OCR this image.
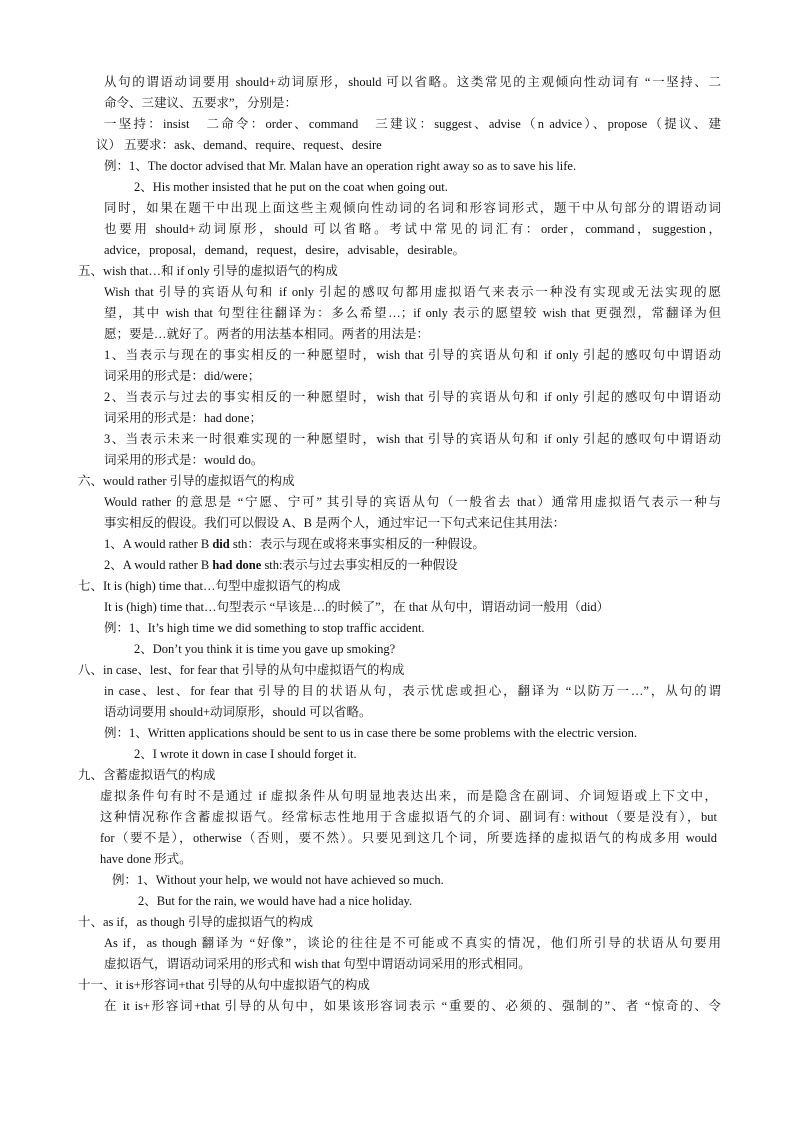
从句的谓语动词要用 should+动词原形，should 可以省略。这类常见的主观倾向性动词有 “一坚持、二
命令、三建议、五要求”，分别是：
一坚持：insist　二命令：order、command　三建议：suggest、advise（n advice）、propose（提议、建
议） 五要求：ask、demand、require、request、desire
例：1、The doctor advised that Mr. Malan have an operation right away so as to save his life.
2、His mother insisted that he put on the coat when going out.
同时，如果在题干中出现上面这些主观倾向性动词的名词和形容词形式，题干中从句部分的谓语动词
也要用 should+动词原形，should 可以省略。考试中常见的词汇有：order，command，suggestion，
advice，proposal，demand，request，desire，advisable，desirable。
五、wish that…和 if only 引导的虚拟语气的构成
Wish that 引导的宾语从句和 if only 引起的感叹句都用虚拟语气来表示一种没有实现或无法实现的愿
望，其中 wish that 句型往往翻译为：多么希望…；if only 表示的愿望较 wish that 更强烈，常翻译为但
愿；要是…就好了。两者的用法基本相同。两者的用法是：
1、当表示与现在的事实相反的一种愿望时，wish that 引导的宾语从句和 if only 引起的感叹句中谓语动
词采用的形式是：did/were；
2、当表示与过去的事实相反的一种愿望时，wish that 引导的宾语从句和 if only 引起的感叹句中谓语动
词采用的形式是：had done；
3、当表示未来一时很难实现的一种愿望时，wish that 引导的宾语从句和 if only 引起的感叹句中谓语动
词采用的形式是：would do。
六、would rather 引导的虚拟语气的构成
Would rather 的意思是 “宁愿、宁可” 其引导的宾语从句（一般省去 that）通常用虚拟语气表示一种与
事实相反的假设。我们可以假设 A、B 是两个人，通过牢记一下句式来记住其用法：
1、A would rather B did sth：表示与现在或将来事实相反的一种假设。
2、A would rather B had done sth:表示与过去事实相反的一种假设
七、It is (high) time that…句型中虚拟语气的构成
It is (high) time that…句型表示 “早该是…的时候了”，在 that 从句中，谓语动词一般用（did）
例：1、It’s high time we did something to stop traffic accident.
2、Don’t you think it is time you gave up smoking?
八、in case、lest、for fear that 引导的从句中虚拟语气的构成
in case、lest、for fear that 引导的目的状语从句，表示忧虑或担心，翻译为 “以防万一…”，从句的谓
语动词要用 should+动词原形，should 可以省略。
例：1、Written applications should be sent to us in case there be some problems with the electric version.
2、I wrote it down in case I should forget it.
九、含蓄虚拟语气的构成
虚拟条件句有时不是通过 if 虚拟条件从句明显地表达出来，而是隐含在副词、介词短语或上下文中，
这种情况称作含蓄虚拟语气。经常标志性地用于含虚拟语气的介词、副词有: without（要是没有），but
for（要不是），otherwise（否则，要不然）。只要见到这几个词，所要选择的虚拟语气的构成多用 would
have done 形式。
例：1、Without your help, we would not have achieved so much.
2、But for the rain, we would have had a nice holiday.
十、as if，as though 引导的虚拟语气的构成
As if，as though 翻译为 “好像”，谈论的往往是不可能或不真实的情况，他们所引导的状语从句要用
虚拟语气，谓语动词采用的形式和 wish that 句型中谓语动词采用的形式相同。
十一、it is+形容词+that 引导的从句中虚拟语气的构成
在 it is+形容词+that 引导的从句中，如果该形容词表示 “重要的、必须的、强制的”、者 “惊奇的、令
